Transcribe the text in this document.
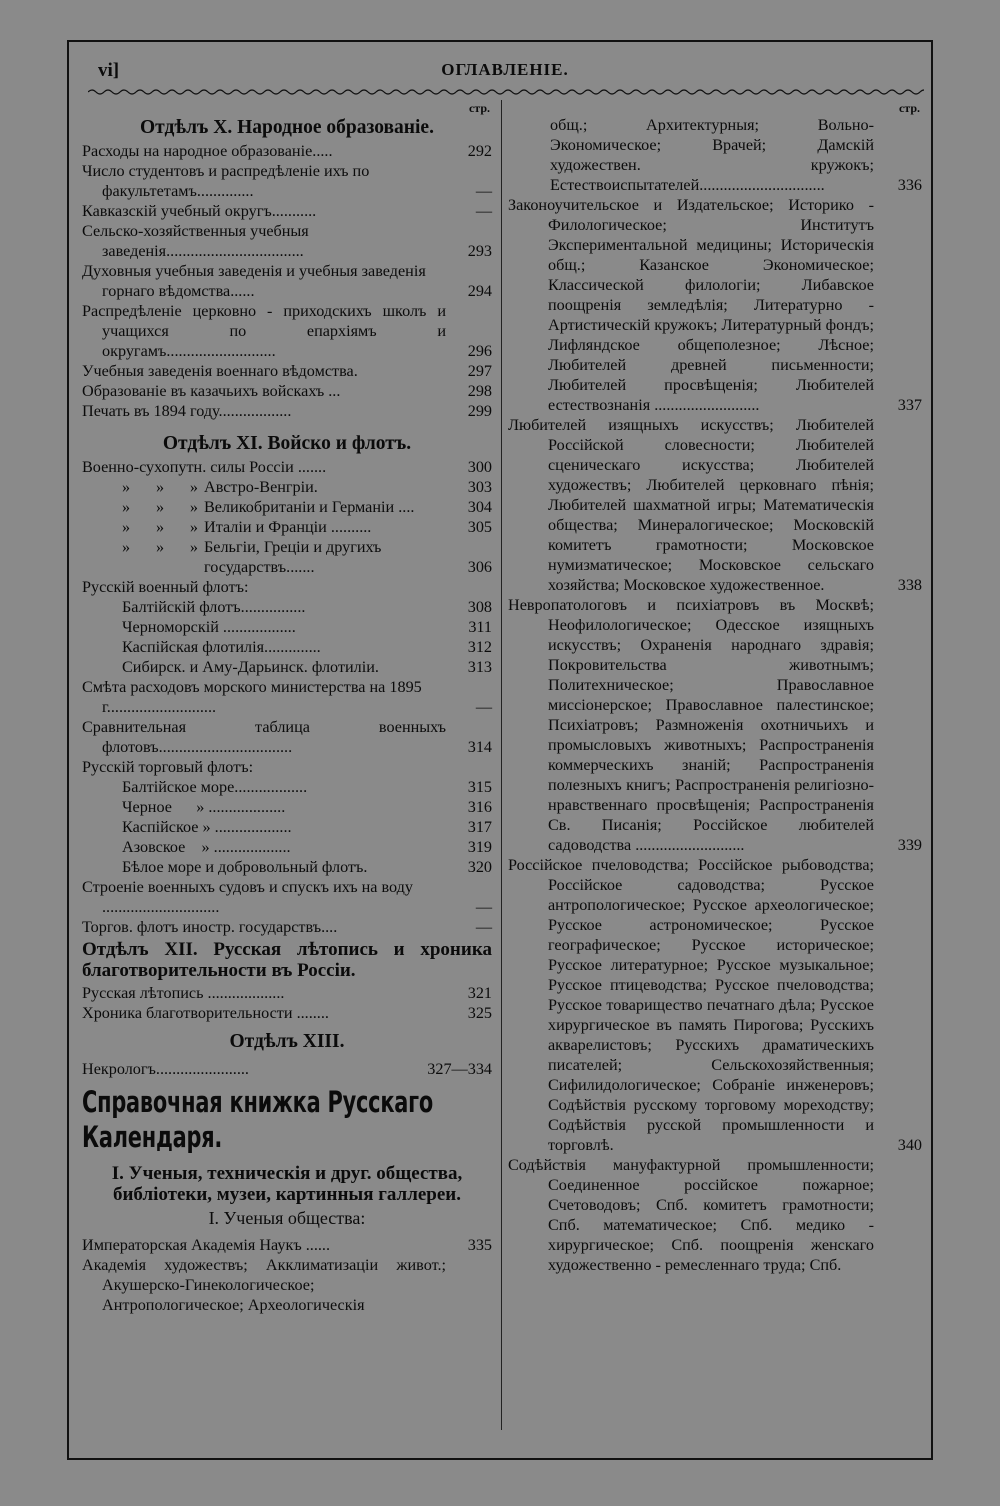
vi]	ОГЛАВЛЕНІЕ.
стр.
Отдѣлъ X. Народное образованіе.
Расходы на народное образованіе.....	292
Число студентовъ и распредѣленіе ихъ по факультетамъ..............	—
Кавказскій учебный округъ...........	—
Сельско-хозяйственныя учебныя заведенія..................................	293
Духовныя учебныя заведенія и учебныя заведенія горнаго вѣдомства......	294
Распредѣленіе церковно - приходскихъ школъ и учащихся по епархіямъ и округамъ...........................	296
Учебныя заведенія военнаго вѣдомства.	297
Образованіе въ казачьихъ войскахъ ...	298
Печать въ 1894 году..................	299
Отдѣлъ XI. Войско и флотъ.
Военно-сухопутн. силы Россіи .......	300
» » » Австро-Венгріи.	303
» » » Великобританіи и Германіи ....	304
» » » Италіи и Франціи ..........	305
» » » Бельгіи, Греціи и другихъ государствъ.......	306
Русскій военный флотъ:
Балтійскій флотъ................	308
Черноморскій ..................	311
Каспійская флотилія..............	312
Сибирск. и Аму-Дарьинск. флотиліи.	313
Смѣта расходовъ морского министерства на 1895 г...........................	—
Сравнительная таблица военныхъ флотовъ.................................	314
Русскій торговый флотъ:
Балтійское море..................	315
Черное      » ...................	316
Каспійское » ...................	317
Азовское    » ...................	319
Бѣлое море и добровольный флотъ.	320
Строеніе военныхъ судовъ и спускъ ихъ на воду .............................	—
Торгов. флотъ иностр. государствъ....	—
Отдѣлъ XII. Русская лѣтопись и хроника благотворительности въ Россіи.
Русская лѣтопись ...................	321
Хроника благотворительности ........	325
Отдѣлъ XIII.
Некрологъ.......................	327—334
Справочная книжка Русскаго Календаря.
I. Ученыя, техническія и друг. общества, библіотеки, музеи, картинныя галлереи.
I. Ученыя общества:
Императорская Академія Наукъ ......	335
Академія художествъ; Акклиматизаціи живот.; Акушерско-Гинекологическое; Антропологическое; Археологическія
стр.
общ.; Архитектурныя; Вольно-Экономическое; Врачей; Дамскій художествен. кружокъ; Естествоиспытателей...............................	336
Законоучительское и Издательское; Историко - Филологическое; Институтъ Экспериментальной медицины; Историческія общ.; Казанское Экономическое; Классической филологіи; Либавское поощренія земледѣлія; Литературно - Артистическій кружокъ; Литературный фондъ; Лифляндское общеполезное; Лѣсное; Любителей древней письменности; Любителей просвѣщенія; Любителей естествознанія ..........................	337
Любителей изящныхъ искусствъ; Любителей Россійской словесности; Любителей сценическаго искусства; Любителей художествъ; Любителей церковнаго пѣнія; Любителей шахматной игры; Математическія общества; Минералогическое; Московскій комитетъ грамотности; Московское нумизматическое; Московское сельскаго хозяйства; Московское художественное.	338
Невропатологовъ и психіатровъ въ Москвѣ; Неофилологическое; Одесское изящныхъ искусствъ; Охраненія народнаго здравія; Покровительства животнымъ; Политехническое; Православное миссіонерское; Православное палестинское; Психіатровъ; Размноженія охотничьихъ и промысловыхъ животныхъ; Распространенія коммерческихъ знаній; Распространенія полезныхъ книгъ; Распространенія религіозно-нравственнаго просвѣщенія; Распространенія Св. Писанія; Россійское любителей садоводства ...........................	339
Россійское пчеловодства; Россійское рыбоводства; Россійское садоводства; Русское антропологическое; Русское археологическое; Русское астрономическое; Русское географическое; Русское историческое; Русское литературное; Русское музыкальное; Русское птицеводства; Русское пчеловодства; Русское товарищество печатнаго дѣла; Русское хирургическое въ память Пирогова; Русскихъ акварелистовъ; Русскихъ драматическихъ писателей; Сельскохозяйственныя; Сифилидологическое; Собраніе инженеровъ; Содѣйствія русскому торговому мореходству; Содѣйствія русской промышленности и торговлѣ.	340
Содѣйствія мануфактурной промышленности; Соединенное россійское пожарное; Счетоводовъ; Спб. комитетъ грамотности; Спб. математическое; Спб. медико - хирургическое; Спб. поощренія женскаго художественно - ремесленнаго труда; Спб.
